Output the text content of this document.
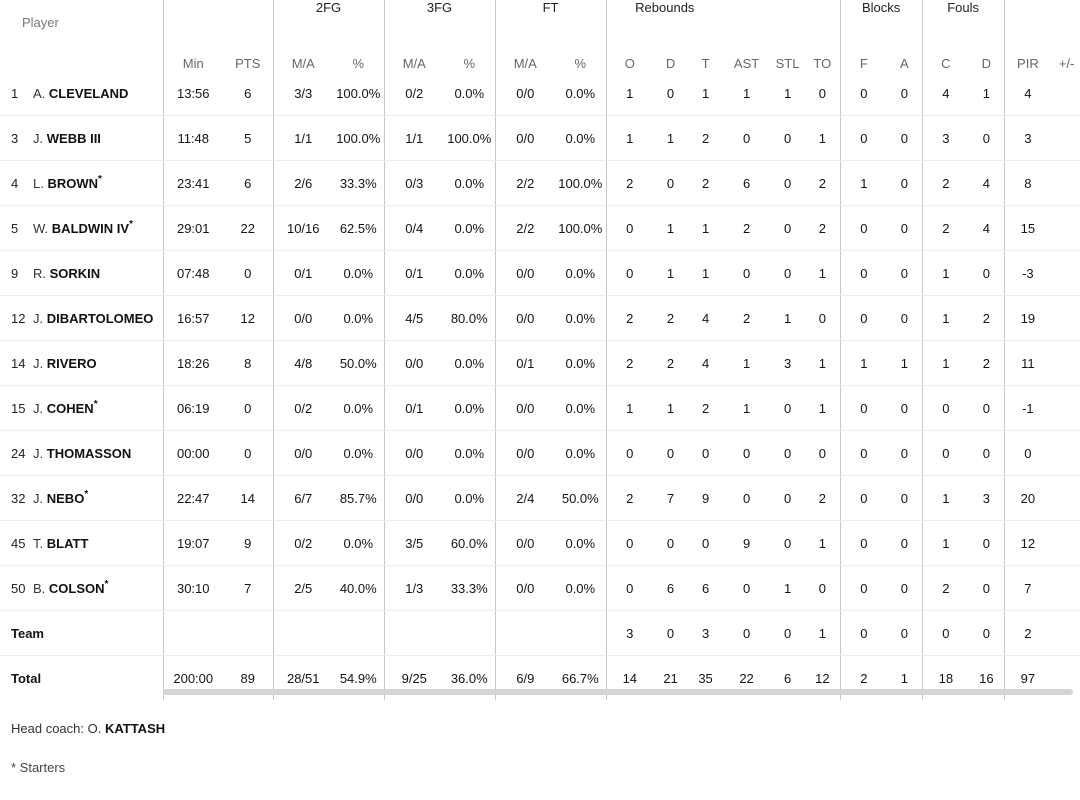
Player			2FG		3FG		FT		Rebounds						Blocks		Fouls			
	Min	PTS	M/A	%	M/A	%	M/A	%	O	D	T	AST	STL	TO	F	A	C	D	PIR	+/-
1 A. CLEVELAND	13:56	6	3/3	100.0%	0/2	0.0%	0/0	0.0%	1	0	1	1	1	0	0	0	4	1	4	
3 J. WEBB III	11:48	5	1/1	100.0%	1/1	100.0%	0/0	0.0%	1	1	2	0	0	1	0	0	3	0	3	
4 L. BROWN*	23:41	6	2/6	33.3%	0/3	0.0%	2/2	100.0%	2	0	2	6	0	2	1	0	2	4	8	
5 W. BALDWIN IV*	29:01	22	10/16	62.5%	0/4	0.0%	2/2	100.0%	0	1	1	2	0	2	0	0	2	4	15	
9 R. SORKIN	07:48	0	0/1	0.0%	0/1	0.0%	0/0	0.0%	0	1	1	0	0	1	0	0	1	0	-3	
12 J. DIBARTOLOMEO	16:57	12	0/0	0.0%	4/5	80.0%	0/0	0.0%	2	2	4	2	1	0	0	0	1	2	19	
14 J. RIVERO	18:26	8	4/8	50.0%	0/0	0.0%	0/1	0.0%	2	2	4	1	3	1	1	1	1	2	11	
15 J. COHEN*	06:19	0	0/2	0.0%	0/1	0.0%	0/0	0.0%	1	1	2	1	0	1	0	0	0	0	-1	
24 J. THOMASSON	00:00	0	0/0	0.0%	0/0	0.0%	0/0	0.0%	0	0	0	0	0	0	0	0	0	0	0	
32 J. NEBO*	22:47	14	6/7	85.7%	0/0	0.0%	2/4	50.0%	2	7	9	0	0	2	0	0	1	3	20	
45 T. BLATT	19:07	9	0/2	0.0%	3/5	60.0%	0/0	0.0%	0	0	0	9	0	1	0	0	1	0	12	
50 B. COLSON*	30:10	7	2/5	40.0%	1/3	33.3%	0/0	0.0%	0	6	6	0	1	0	0	0	2	0	7	
Team									3	0	3	0	0	1	0	0	0	0	2	
Total	200:00	89	28/51	54.9%	9/25	36.0%	6/9	66.7%	14	21	35	22	6	12	2	1	18	16	97	
Head coach: O. KATTASH
* Starters
